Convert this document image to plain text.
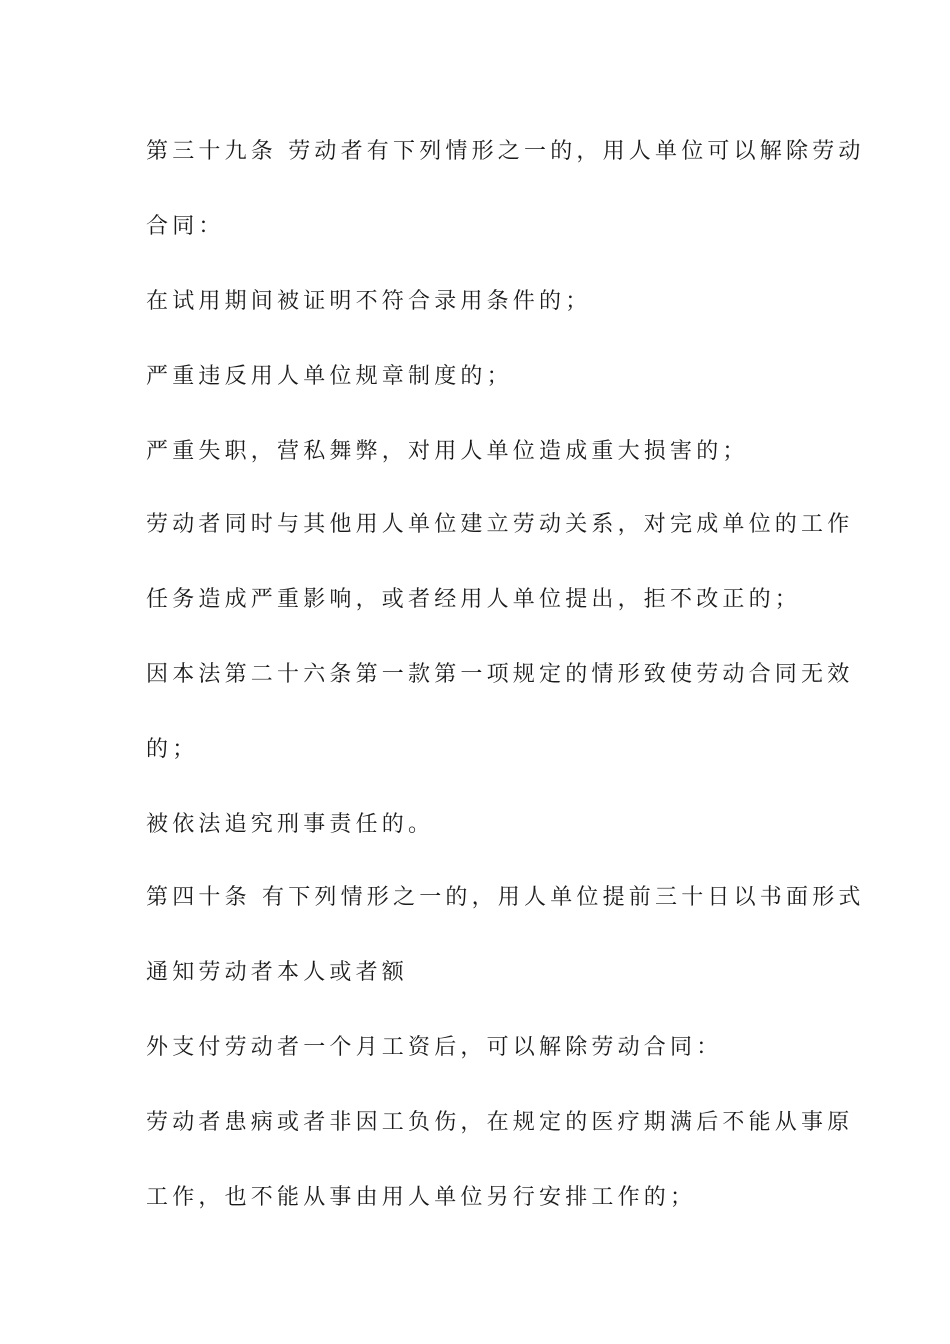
第三十九条 劳动者有下列情形之一的，用人单位可以解除劳动
合同：
在试用期间被证明不符合录用条件的；
严重违反用人单位规章制度的；
严重失职，营私舞弊，对用人单位造成重大损害的；
劳动者同时与其他用人单位建立劳动关系，对完成单位的工作
任务造成严重影响，或者经用人单位提出，拒不改正的；
因本法第二十六条第一款第一项规定的情形致使劳动合同无效
的；
被依法追究刑事责任的。
第四十条 有下列情形之一的，用人单位提前三十日以书面形式
通知劳动者本人或者额
外支付劳动者一个月工资后，可以解除劳动合同：
劳动者患病或者非因工负伤，在规定的医疗期满后不能从事原
工作，也不能从事由用人单位另行安排工作的；
